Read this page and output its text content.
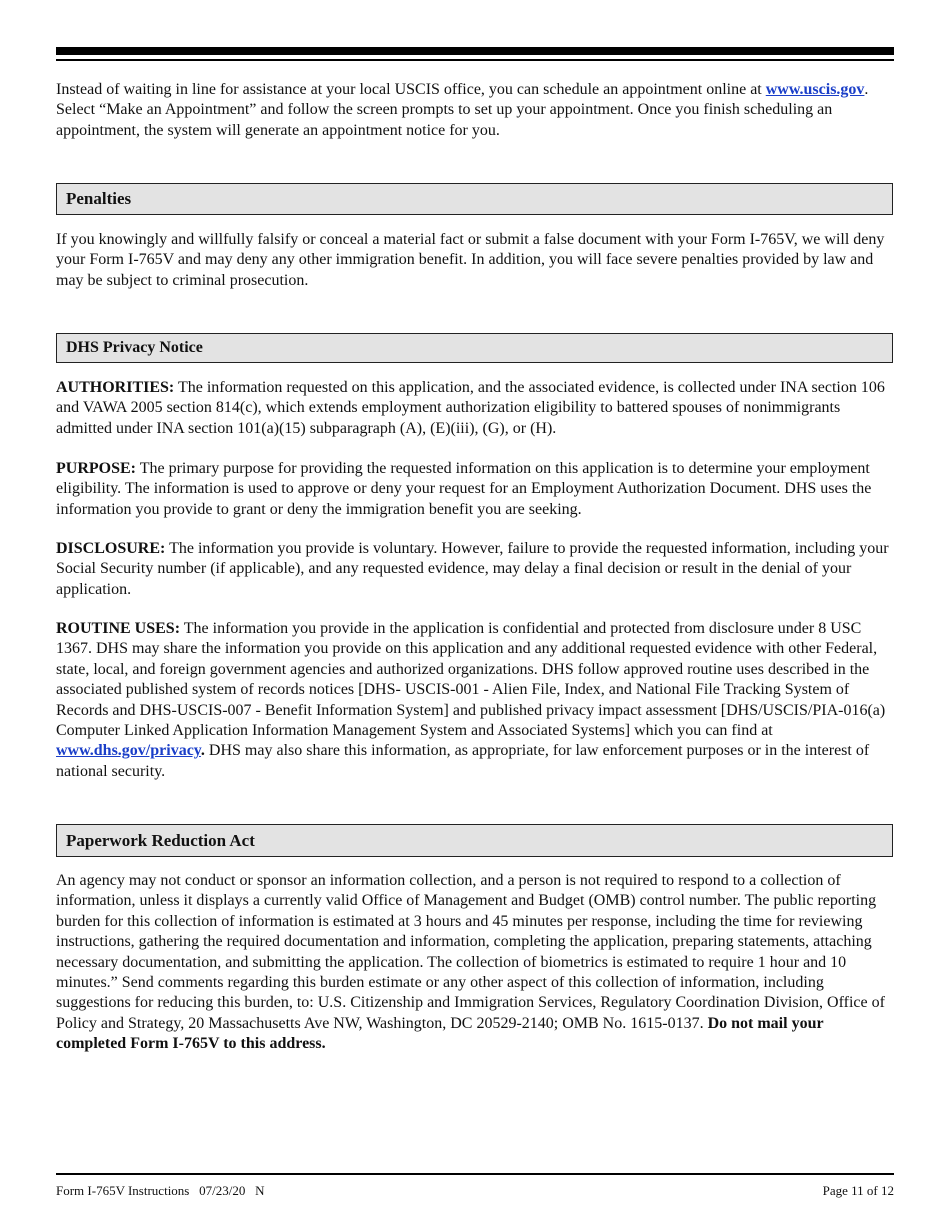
Instead of waiting in line for assistance at your local USCIS office, you can schedule an appointment online at www.uscis.gov. Select “Make an Appointment” and follow the screen prompts to set up your appointment. Once you finish scheduling an appointment, the system will generate an appointment notice for you.

Penalties

If you knowingly and willfully falsify or conceal a material fact or submit a false document with your Form I-765V, we will deny your Form I-765V and may deny any other immigration benefit. In addition, you will face severe penalties provided by law and may be subject to criminal prosecution.

DHS Privacy Notice

AUTHORITIES: The information requested on this application, and the associated evidence, is collected under INA section 106 and VAWA 2005 section 814(c), which extends employment authorization eligibility to battered spouses of nonimmigrants admitted under INA section 101(a)(15) subparagraph (A), (E)(iii), (G), or (H).

PURPOSE: The primary purpose for providing the requested information on this application is to determine your employment eligibility. The information is used to approve or deny your request for an Employment Authorization Document. DHS uses the information you provide to grant or deny the immigration benefit you are seeking.

DISCLOSURE: The information you provide is voluntary. However, failure to provide the requested information, including your Social Security number (if applicable), and any requested evidence, may delay a final decision or result in the denial of your application.

ROUTINE USES: The information you provide in the application is confidential and protected from disclosure under 8 USC 1367. DHS may share the information you provide on this application and any additional requested evidence with other Federal, state, local, and foreign government agencies and authorized organizations. DHS follow approved routine uses described in the associated published system of records notices [DHS- USCIS-001 - Alien File, Index, and National File Tracking System of Records and DHS-USCIS-007 - Benefit Information System] and published privacy impact assessment [DHS/USCIS/PIA-016(a) Computer Linked Application Information Management System and Associated Systems] which you can find at www.dhs.gov/privacy. DHS may also share this information, as appropriate, for law enforcement purposes or in the interest of national security.

Paperwork Reduction Act

An agency may not conduct or sponsor an information collection, and a person is not required to respond to a collection of information, unless it displays a currently valid Office of Management and Budget (OMB) control number. The public reporting burden for this collection of information is estimated at 3 hours and 45 minutes per response, including the time for reviewing instructions, gathering the required documentation and information, completing the application, preparing statements, attaching necessary documentation, and submitting the application. The collection of biometrics is estimated to require 1 hour and 10 minutes.” Send comments regarding this burden estimate or any other aspect of this collection of information, including suggestions for reducing this burden, to: U.S. Citizenship and Immigration Services, Regulatory Coordination Division, Office of Policy and Strategy, 20 Massachusetts Ave NW, Washington, DC 20529-2140; OMB No. 1615-0137. Do not mail your completed Form I-765V to this address.

Form I-765V Instructions 07/23/20 N	Page 11 of 12
